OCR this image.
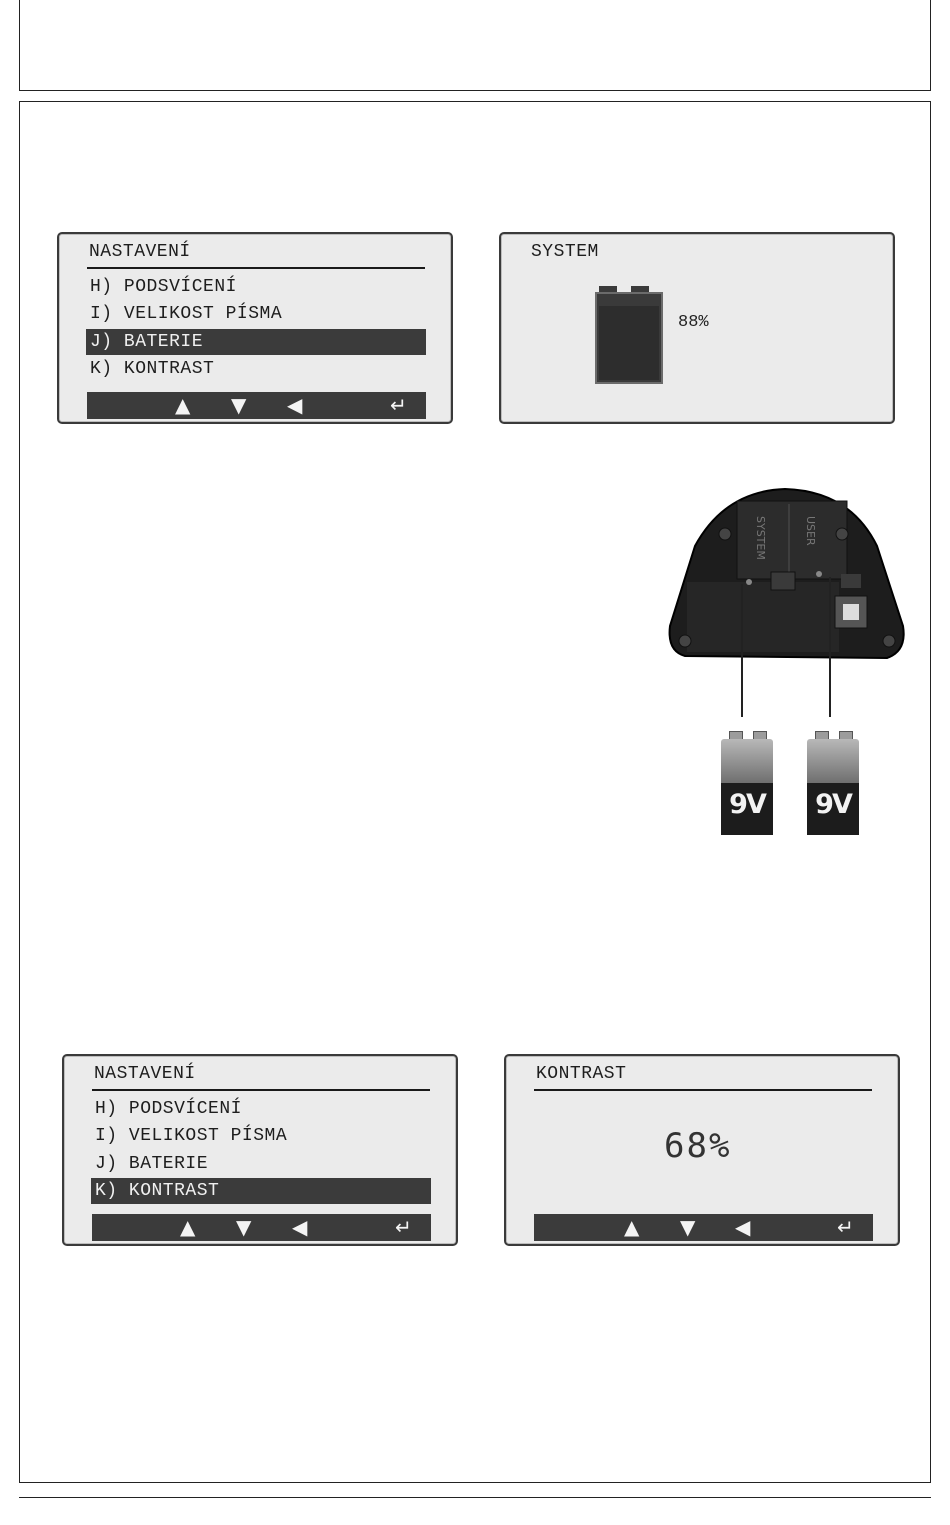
NASTAVENÍ
H) PODSVÍCENÍ
I) VELIKOST PÍSMA
J) BATERIE
K) KONTRAST
▲ ▼ ◀	↵
SYSTEM
88%
SYSTEM	USER
9V	9V
NASTAVENÍ
H) PODSVÍCENÍ
I) VELIKOST PÍSMA
J) BATERIE
K) KONTRAST
▲ ▼ ◀	↵
KONTRAST
68%
▲ ▼ ◀	↵
